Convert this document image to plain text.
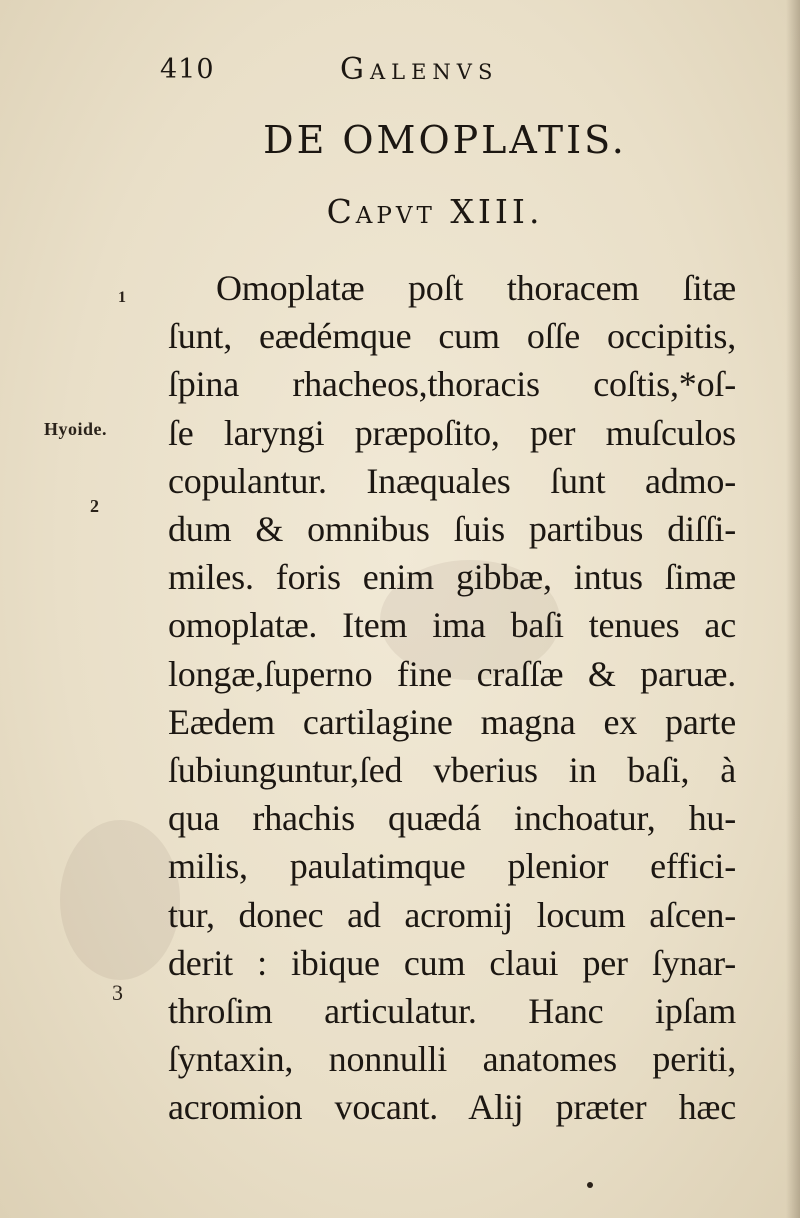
410	Galenvs
DE OMOPLATIS.
Capvt XIII.
1
Hyoide.
2
3
Omoplatæ poſt thoracem ſitæ
ſunt, eædémque cum oſſe occipitis,
ſpina rhacheos,thoracis coſtis,*oſ-
ſe laryngi præpoſito, per muſculos
copulantur. Inæquales ſunt admo-
dum & omnibus ſuis partibus diſſi-
miles. foris enim gibbæ, intus ſimæ
omoplatæ. Item ima baſi tenues ac
longæ,ſuperno fine craſſæ & paruæ.
Eædem cartilagine magna ex parte
ſubiunguntur,ſed vberius in baſi, à
qua rhachis quædá inchoatur, hu-
milis, paulatimque plenior effici-
tur, donec ad acromij locum aſcen-
derit : ibique cum claui per ſynar-
throſim articulatur. Hanc ipſam
ſyntaxin, nonnulli anatomes periti,
acromion vocant. Alij præter hæc
